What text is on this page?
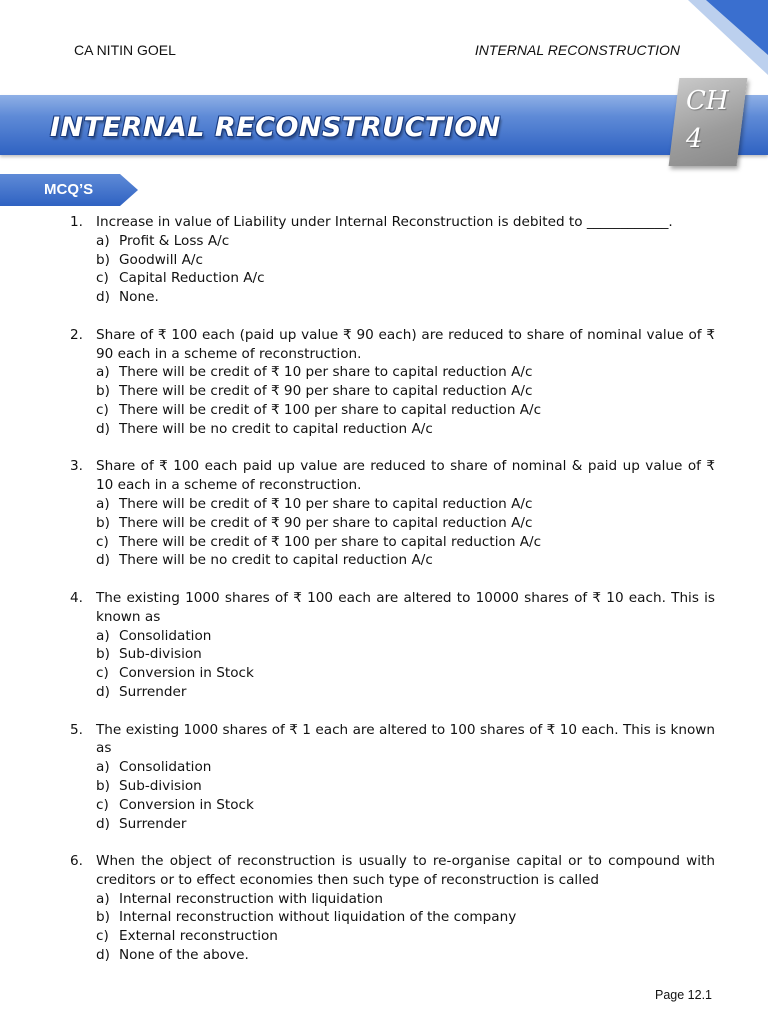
CA NITIN GOEL	INTERNAL RECONSTRUCTION
INTERNAL RECONSTRUCTION
CH
4
MCQ’S
1. Increase in value of Liability under Internal Reconstruction is debited to ____________.
a) Profit & Loss A/c
b) Goodwill A/c
c) Capital Reduction A/c
d) None.
2. Share of ₹ 100 each (paid up value ₹ 90 each) are reduced to share of nominal value of ₹ 90 each in a scheme of reconstruction.
a) There will be credit of ₹ 10 per share to capital reduction A/c
b) There will be credit of ₹ 90 per share to capital reduction A/c
c) There will be credit of ₹ 100 per share to capital reduction A/c
d) There will be no credit to capital reduction A/c
3. Share of ₹ 100 each paid up value are reduced to share of nominal & paid up value of ₹ 10 each in a scheme of reconstruction.
a) There will be credit of ₹ 10 per share to capital reduction A/c
b) There will be credit of ₹ 90 per share to capital reduction A/c
c) There will be credit of ₹ 100 per share to capital reduction A/c
d) There will be no credit to capital reduction A/c
4. The existing 1000 shares of ₹ 100 each are altered to 10000 shares of ₹ 10 each. This is known as
a) Consolidation
b) Sub-division
c) Conversion in Stock
d) Surrender
5. The existing 1000 shares of ₹ 1 each are altered to 100 shares of ₹ 10 each. This is known as
a) Consolidation
b) Sub-division
c) Conversion in Stock
d) Surrender
6. When the object of reconstruction is usually to re-organise capital or to compound with creditors or to effect economies then such type of reconstruction is called
a) Internal reconstruction with liquidation
b) Internal reconstruction without liquidation of the company
c) External reconstruction
d) None of the above.
Page 12.1
